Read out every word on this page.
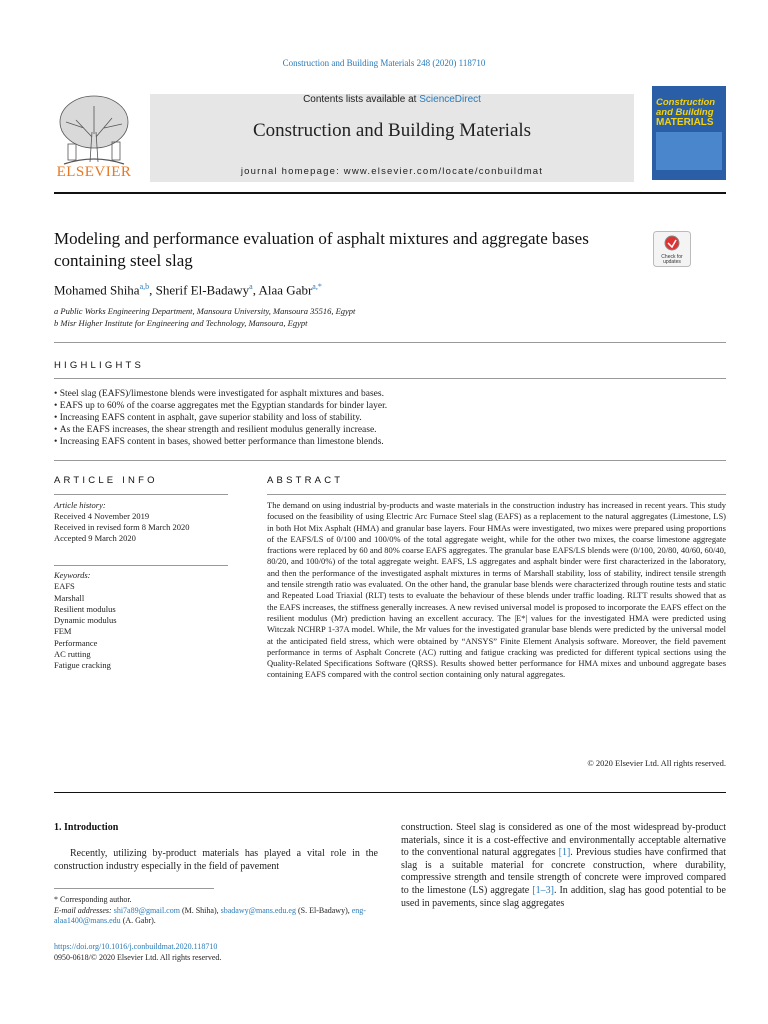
Construction and Building Materials 248 (2020) 118710
ELSEVIER
Contents lists available at ScienceDirect
Construction and Building Materials
journal homepage: www.elsevier.com/locate/conbuildmat
Construction
and Building
MATERIALS
Modeling and performance evaluation of asphalt mixtures and aggregate bases containing steel slag	Check for
updates
Mohamed Shiha$^{a,b}$, Sherif El-Badawy$^a$, Alaa Gabr$^{a,*}$
a Public Works Engineering Department, Mansoura University, Mansoura 35516, Egypt
b Misr Higher Institute for Engineering and Technology, Mansoura, Egypt
HIGHLIGHTS
• Steel slag (EAFS)/limestone blends were investigated for asphalt mixtures and bases.
• EAFS up to 60% of the coarse aggregates met the Egyptian standards for binder layer.
• Increasing EAFS content in asphalt, gave superior stability and loss of stability.
• As the EAFS increases, the shear strength and resilient modulus generally increase.
• Increasing EAFS content in bases, showed better performance than limestone blends.
ARTICLE INFO	ABSTRACT
Article history:
Received 4 November 2019
Received in revised form 8 March 2020
Accepted 9 March 2020
Keywords:
EAFS
Marshall
Resilient modulus
Dynamic modulus
FEM
Performance
AC rutting
Fatigue cracking
The demand on using industrial by-products and waste materials in the construction industry has increased in recent years. This study focused on the feasibility of using Electric Arc Furnace Steel slag (EAFS) as a replacement to the natural aggregates (Limestone, LS) in both Hot Mix Asphalt (HMA) and granular base layers. Four HMAs were investigated, two mixes were prepared using proportions of the EAFS/LS of 0/100 and 100/0% of the total aggregate weight, while for the other two mixes, the coarse limestone aggregate fractions were replaced by 60 and 80% coarse EAFS aggregates. The granular base EAFS/LS blends were (0/100, 20/80, 40/60, 60/40, 80/20, and 100/0%) of the total aggregate weight. EAFS, LS aggregates and asphalt binder were first characterized in the laboratory, and then the performance of the investigated asphalt mixtures in terms of Marshall stability, loss of stability, indirect tensile strength and tensile strength ratio was evaluated. On the other hand, the granular base blends were characterized through routine tests and static and Repeated Load Triaxial (RLT) tests to evaluate the behaviour of these blends under traffic loading. RLTT results showed that as the EAFS increases, the stiffness generally increases. A new revised universal model is proposed to incorporate the EAFS effect on the resilient modulus (Mr) prediction having an excellent accuracy. The |E*| values for the investigated HMA were predicted using Witczak NCHRP 1-37A model. While, the Mr values for the investigated granular base blends were predicted by the universal model at the anticipated field stress, which were obtained by “ANSYS” Finite Element Analysis software. Moreover, the field pavement performance in terms of Asphalt Concrete (AC) rutting and fatigue cracking was predicted for different typical sections using the Quality-Related Specifications Software (QRSS). Results showed better performance for HMA mixes and unbound aggregate bases containing EAFS compared with the control section containing only natural aggregates.
© 2020 Elsevier Ltd. All rights reserved.
1. Introduction
Recently, utilizing by-product materials has played a vital role in the construction industry especially in the field of pavement
construction. Steel slag is considered as one of the most widespread by-product materials, since it is a cost-effective and environmentally acceptable alternative to the conventional natural aggregates [1]. Previous studies have confirmed that slag is a suitable material for concrete construction, where durability, compressive strength and tensile strength of concrete were improved compared to the limestone (LS) aggregate [1–3]. In addition, slag has good potential to be used in pavements, since slag aggregates
* Corresponding author.
E-mail addresses: shi7a89@gmail.com (M. Shiha), sbadawy@mans.edu.eg (S. El-Badawy), eng-alaa1400@mans.edu (A. Gabr).
https://doi.org/10.1016/j.conbuildmat.2020.118710
0950-0618/© 2020 Elsevier Ltd. All rights reserved.
